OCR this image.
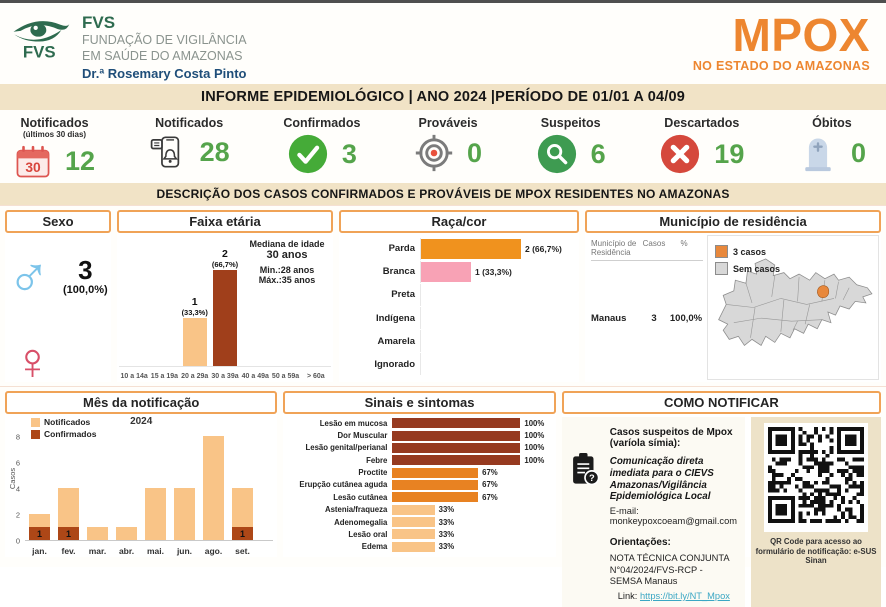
FVS
FVS
FUNDAÇÃO DE VIGILÂNCIA
EM SAÚDE DO AMAZONAS
Dr.ª Rosemary Costa Pinto
MPOX
NO ESTADO DO AMAZONAS
INFORME EPIDEMIOLÓGICO | ANO 2024 |PERÍODO DE 01/01 A 04/09
Notificados
(últimos 30 dias)
30 12
Notificados
28
Confirmados
3
Prováveis
0
Suspeitos
6
Descartados
19
Óbitos
0
DESCRIÇÃO DOS CASOS CONFIRMADOS E PROVÁVEIS DE MPOX RESIDENTES NO AMAZONAS
Sexo
♂	3
(100,0%)
♀
Faixa etária
1
(33,3%)
2
(66,7%)
10 a 14a 15 a 19a 20 a 29a 30 a 39a 40 a 49a 50 a 59a	> 60a
Mediana de idade
30 anos
Min.:28 anos
Máx.:35 anos
Raça/cor
Parda	2 (66,7%)
Branca	1 (33,3%)
Preta
Indígena
Amarela
Ignorado
Município de residência
Município de Residência
Casos	%
Manaus	3	100,0%
3 casos
Sem casos
Mês da notificação
2024
Notificados
Confirmados
Casos
0
2
4
6
8
1	1	1
jan.	fev.	mar.	abr.	mai.	jun.	ago.	set.
Sinais e sintomas
Lesão em mucosa	100%
Dor Muscular	100%
Lesão genital/perianal	100%
Febre	100%
Proctite	67%
Erupção cutânea aguda	67%
Lesão cutânea	67%
Astenia/fraqueza	33%
Adenomegalia	33%
Lesão oral	33%
Edema	33%
COMO NOTIFICAR
?
Casos suspeitos de Mpox (varíola símia):
Comunicação direta imediata para o CIEVS Amazonas/Vigilância Epidemiológica Local
E-mail: monkeypoxcoeam@gmail.com
Orientações:
NOTA TÉCNICA CONJUNTA
N°04/2024/FVS-RCP - SEMSA Manaus
Link: https://bit.ly/NT_Mpox
QR Code para acesso ao formulário de notificação: e-SUS Sinan
